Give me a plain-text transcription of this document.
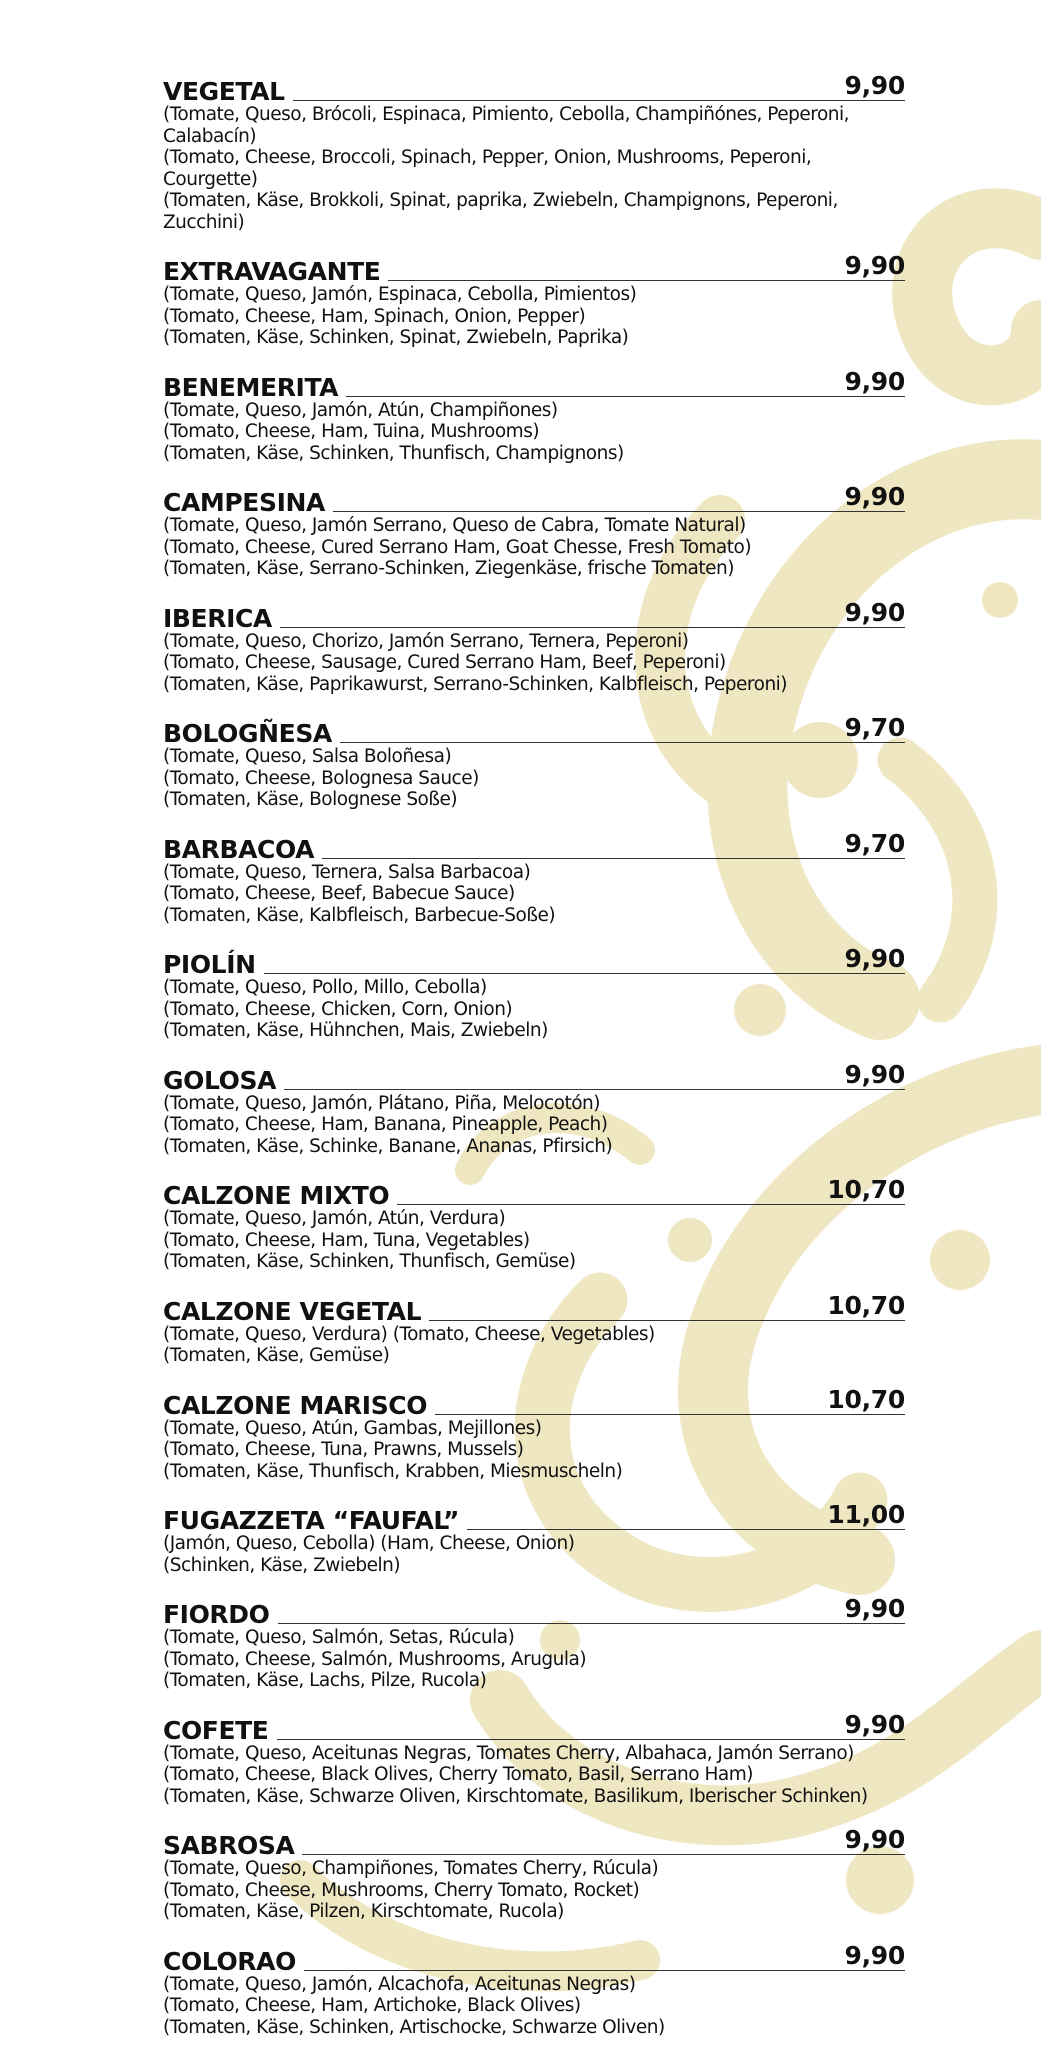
VEGETAL	9,90
(Tomate, Queso, Brócoli, Espinaca, Pimiento, Cebolla, Champiñónes, Peperoni, Calabacín)
(Tomato, Cheese, Broccoli, Spinach, Pepper, Onion, Mushrooms, Peperoni, Courgette)
(Tomaten, Käse, Brokkoli, Spinat, paprika, Zwiebeln, Champignons, Peperoni, Zucchini)
EXTRAVAGANTE	9,90
(Tomate, Queso, Jamón, Espinaca, Cebolla, Pimientos)
(Tomato, Cheese, Ham, Spinach, Onion, Pepper)
(Tomaten, Käse, Schinken, Spinat, Zwiebeln, Paprika)
BENEMERITA	9,90
(Tomate, Queso, Jamón, Atún, Champiñones)
(Tomato, Cheese, Ham, Tuina, Mushrooms)
(Tomaten, Käse, Schinken, Thunfisch, Champignons)
CAMPESINA	9,90
(Tomate, Queso, Jamón Serrano, Queso de Cabra, Tomate Natural)
(Tomato, Cheese, Cured Serrano Ham, Goat Chesse, Fresh Tomato)
(Tomaten, Käse, Serrano-Schinken, Ziegenkäse, frische Tomaten)
IBERICA	9,90
(Tomate, Queso, Chorizo, Jamón Serrano, Ternera, Peperoni)
(Tomato, Cheese, Sausage, Cured Serrano Ham, Beef, Peperoni)
(Tomaten, Käse, Paprikawurst, Serrano-Schinken, Kalbfleisch, Peperoni)
BOLOGÑESA	9,70
(Tomate, Queso, Salsa Boloñesa)
(Tomato, Cheese, Bolognesa Sauce)
(Tomaten, Käse, Bolognese Soße)
BARBACOA	9,70
(Tomate, Queso, Ternera, Salsa Barbacoa)
(Tomato, Cheese, Beef, Babecue Sauce)
(Tomaten, Käse, Kalbfleisch, Barbecue-Soße)
PIOLÍN	9,90
(Tomate, Queso, Pollo, Millo, Cebolla)
(Tomato, Cheese, Chicken, Corn, Onion)
(Tomaten, Käse, Hühnchen, Mais, Zwiebeln)
GOLOSA	9,90
(Tomate, Queso, Jamón, Plátano, Piña, Melocotón)
(Tomato, Cheese, Ham, Banana, Pineapple, Peach)
(Tomaten, Käse, Schinke, Banane, Ananas, Pfirsich)
CALZONE MIXTO	10,70
(Tomate, Queso, Jamón, Atún, Verdura)
(Tomato, Cheese, Ham, Tuna, Vegetables)
(Tomaten, Käse, Schinken, Thunfisch, Gemüse)
CALZONE VEGETAL	10,70
(Tomate, Queso, Verdura) (Tomato, Cheese, Vegetables)
(Tomaten, Käse, Gemüse)
CALZONE MARISCO	10,70
(Tomate, Queso, Atún, Gambas, Mejillones)
(Tomato, Cheese, Tuna, Prawns, Mussels)
(Tomaten, Käse, Thunfisch, Krabben, Miesmuscheln)
FUGAZZETA “FAUFAL”	11,00
(Jamón, Queso, Cebolla) (Ham, Cheese, Onion)
(Schinken, Käse, Zwiebeln)
FIORDO	9,90
(Tomate, Queso, Salmón, Setas, Rúcula)
(Tomato, Cheese, Salmón, Mushrooms, Arugula)
(Tomaten, Käse, Lachs, Pilze, Rucola)
COFETE	9,90
(Tomate, Queso, Aceitunas Negras, Tomates Cherry, Albahaca, Jamón Serrano)
(Tomato, Cheese, Black Olives, Cherry Tomato, Basil, Serrano Ham)
(Tomaten, Käse, Schwarze Oliven, Kirschtomate, Basilikum, Iberischer Schinken)
SABROSA	9,90
(Tomate, Queso, Champiñones, Tomates Cherry, Rúcula)
(Tomato, Cheese, Mushrooms, Cherry Tomato, Rocket)
(Tomaten, Käse, Pilzen, Kirschtomate, Rucola)
COLORAO	9,90
(Tomate, Queso, Jamón, Alcachofa, Aceitunas Negras)
(Tomato, Cheese, Ham, Artichoke, Black Olives)
(Tomaten, Käse, Schinken, Artischocke, Schwarze Oliven)
